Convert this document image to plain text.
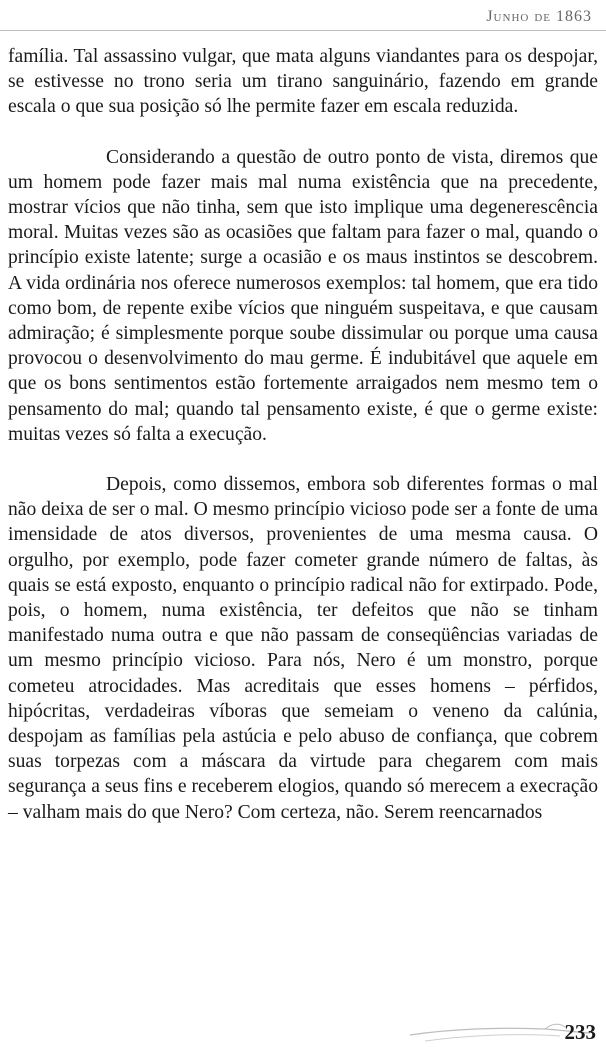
Junho de 1863

família. Tal assassino vulgar, que mata alguns viandantes para os despojar, se estivesse no trono seria um tirano sanguinário, fazendo em grande escala o que sua posição só lhe permite fazer em escala reduzida.

Considerando a questão de outro ponto de vista, diremos que um homem pode fazer mais mal numa existência que na precedente, mostrar vícios que não tinha, sem que isto implique uma degenerescência moral. Muitas vezes são as ocasiões que faltam para fazer o mal, quando o princípio existe latente; surge a ocasião e os maus instintos se descobrem. A vida ordinária nos oferece numerosos exemplos: tal homem, que era tido como bom, de repente exibe vícios que ninguém suspeitava, e que causam admiração; é simplesmente porque soube dissimular ou porque uma causa provocou o desenvolvimento do mau germe. É indubitável que aquele em que os bons sentimentos estão fortemente arraigados nem mesmo tem o pensamento do mal; quando tal pensamento existe, é que o germe existe: muitas vezes só falta a execução.

Depois, como dissemos, embora sob diferentes formas o mal não deixa de ser o mal. O mesmo princípio vicioso pode ser a fonte de uma imensidade de atos diversos, provenientes de uma mesma causa. O orgulho, por exemplo, pode fazer cometer grande número de faltas, às quais se está exposto, enquanto o princípio radical não for extirpado. Pode, pois, o homem, numa existência, ter defeitos que não se tinham manifestado numa outra e que não passam de conseqüências variadas de um mesmo princípio vicioso. Para nós, Nero é um monstro, porque cometeu atrocidades. Mas acreditais que esses homens – pérfidos, hipócritas, verdadeiras víboras que semeiam o veneno da calúnia, despojam as famílias pela astúcia e pelo abuso de confiança, que cobrem suas torpezas com a máscara da virtude para chegarem com mais segurança a seus fins e receberem elogios, quando só merecem a execração – valham mais do que Nero? Com certeza, não. Serem reencarnados

233
